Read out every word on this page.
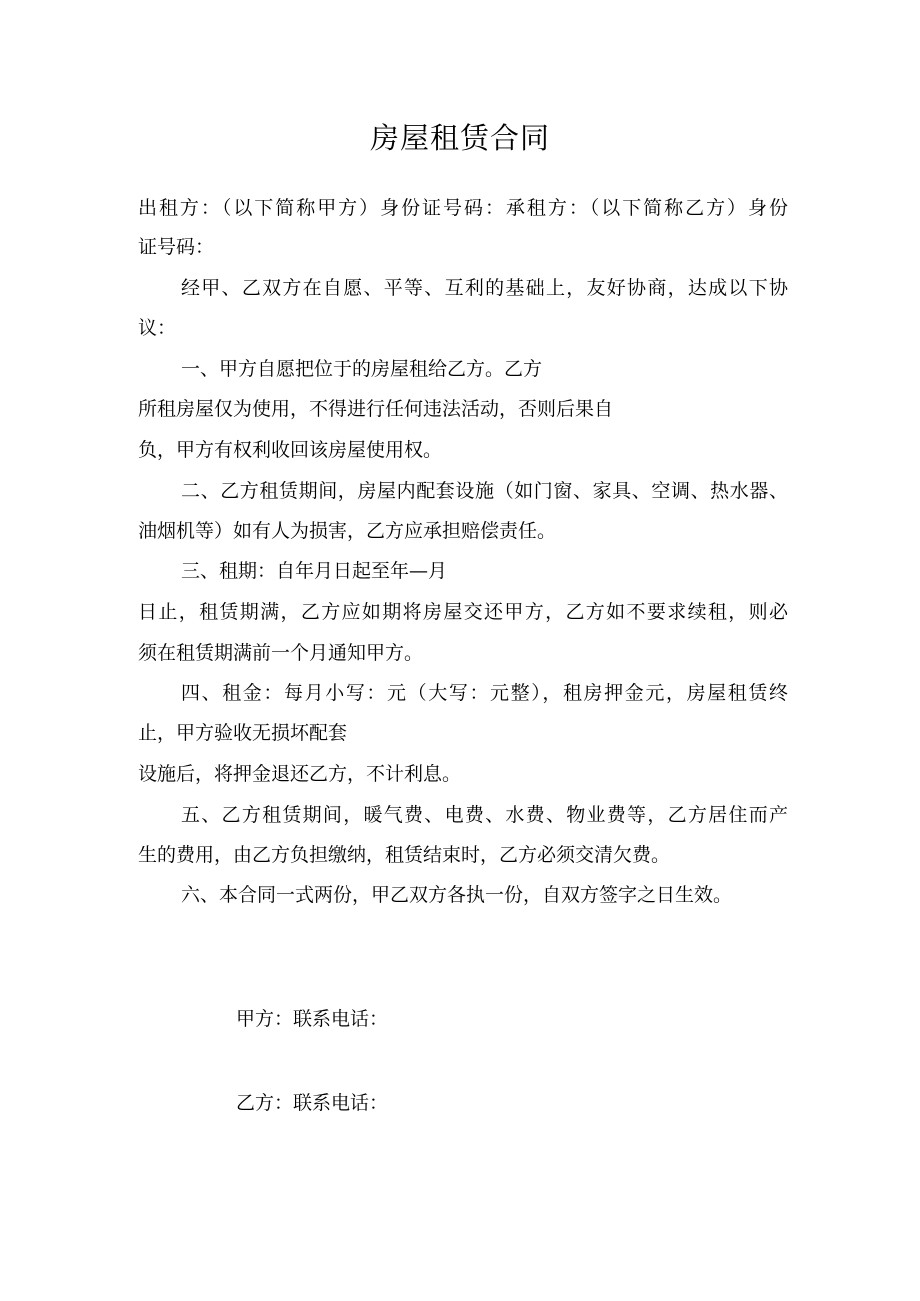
房屋租赁合同
出租方：（以下简称甲方）身份证号码：承租方：（以下简称乙方）身份
证号码：
经甲、乙双方在自愿、平等、互利的基础上，友好协商，达成以下协
议：
一、甲方自愿把位于的房屋租给乙方。乙方
所租房屋仅为使用，不得进行任何违法活动，否则后果自
负，甲方有权利收回该房屋使用权。
二、乙方租赁期间，房屋内配套设施（如门窗、家具、空调、热水器、
油烟机等）如有人为损害，乙方应承担赔偿责任。
三、租期：自年月日起至年—月
日止，租赁期满，乙方应如期将房屋交还甲方，乙方如不要求续租，则必
须在租赁期满前一个月通知甲方。
四、租金：每月小写：元（大写：元整），租房押金元，房屋租赁终
止，甲方验收无损坏配套
设施后，将押金退还乙方，不计利息。
五、乙方租赁期间，暖气费、电费、水费、物业费等，乙方居住而产
生的费用，由乙方负担缴纳，租赁结束时，乙方必须交清欠费。
六、本合同一式两份，甲乙双方各执一份，自双方签字之日生效。
甲方：联系电话：
乙方：联系电话：
